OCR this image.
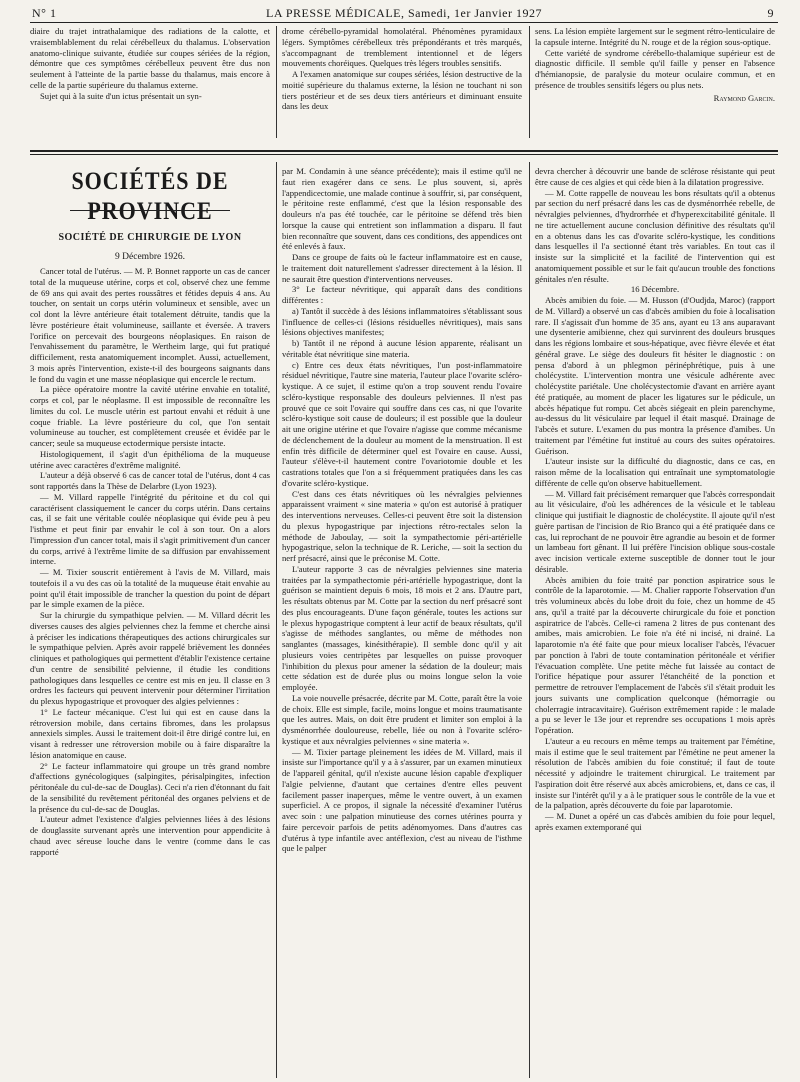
N° 1	LA PRESSE MÉDICALE, Samedi, 1er Janvier 1927	9

diaire du trajet intrathalamique des radiations de la calotte, et vraisemblablement du relai cérébelleux du thalamus. L'observation anatomo-clinique suivante, étudiée sur coupes sériées de la région, démontre que ces symptômes cérébelleux peuvent être dus non seulement à l'atteinte de la partie basse du thalamus, mais encore à celle de la partie supérieure du thalamus externe.

Sujet qui à la suite d'un ictus présentait un syn-

drome cérébello-pyramidal homolatéral. Phénomènes pyramidaux légers. Symptômes cérébelleux très prépondérants et très marqués, s'accompagnant de tremblement intentionnel et de légers mouvements choréiques. Quelques très légers troubles sensitifs.

A l'examen anatomique sur coupes sériées, lésion destructive de la moitié supérieure du thalamus externe, la lésion ne touchant ni son tiers postérieur et de ses deux tiers antérieurs et diminuant ensuite dans les deux

sens. La lésion empiète largement sur le segment rétro-lenticulaire de la capsule interne. Intégrité du N. rouge et de la région sous-optique.

Cette variété de syndrome cérébello-thalamique supérieur est de diagnostic difficile. Il semble qu'il faille y penser en l'absence d'hémianopsie, de paralysie du moteur oculaire commun, et en présence de troubles sensitifs légers ou plus nets.

Raymond Garcin.
SOCIÉTÉS DE PROVINCE
SOCIÉTÉ DE CHIRURGIE DE LYON
9 Décembre 1926.

Cancer total de l'utérus. — M. P. Bonnet rapporte un cas de cancer total de la muqueuse utérine, corps et col, observé chez une femme de 69 ans qui avait des pertes roussâtres et fétides depuis 4 ans. Au toucher, on sentait un corps utérin volumineux et sensible, avec un col dont la lèvre antérieure était totalement détruite, tandis que la lèvre postérieure était volumineuse, saillante et éversée. A travers l'orifice on percevait des bourgeons néoplasiques. En raison de l'envahissement du paramètre, le Wertheim large, qui fut pratiqué difficilement, resta anatomiquement incomplet. Aussi, actuellement, 3 mois après l'intervention, existe-t-il des bourgeons saignants dans le fond du vagin et une masse néoplasique qui encercle le rectum.

La pièce opératoire montre la cavité utérine envahie en totalité, corps et col, par le néoplasme. Il est impossible de reconnaître les limites du col. Le muscle utérin est partout envahi et réduit à une coque friable. La lèvre postérieure du col, que l'on sentait volumineuse au toucher, est complètement creusée et évidée par le cancer; seule sa muqueuse ectodermique persiste intacte.

Histologiquement, il s'agit d'un épithélioma de la muqueuse utérine avec caractères d'extrême malignité.

L'auteur a déjà observé 6 cas de cancer total de l'utérus, dont 4 cas sont rapportés dans la Thèse de Delarbre (Lyon 1923).

— M. Villard rappelle l'intégrité du péritoine et du col qui caractérisent classiquement le cancer du corps utérin. Dans certains cas, il se fait une véritable coulée néoplasique qui évide peu à peu l'isthme et peut finir par envahir le col à son tour. On a alors l'impression d'un cancer total, mais il s'agit primitivement d'un cancer du corps, arrivé à l'extrême limite de sa diffusion par envahissement interne.

— M. Tixier souscrit entièrement à l'avis de M. Villard, mais toutefois il a vu des cas où la totalité de la muqueuse était envahie au point qu'il était impossible de trancher la question du point de départ par le simple examen de la pièce.

Sur la chirurgie du sympathique pelvien. — M. Villard décrit les diverses causes des algies pelviennes chez la femme et cherche ainsi à préciser les indications thérapeutiques des actions chirurgicales sur le sympathique pelvien. Après avoir rappelé brièvement les données cliniques et pathologiques qui permettent d'établir l'existence certaine d'un centre de sensibilité pelvienne, il étudie les conditions pathologiques dans lesquelles ce centre est mis en jeu. Il classe en 3 ordres les facteurs qui peuvent intervenir pour déterminer l'irritation du plexus hypogastrique et provoquer des algies pelviennes :

1° Le facteur mécanique. C'est lui qui est en cause dans la rétroversion mobile, dans certains fibromes, dans les prolapsus annexiels simples. Aussi le traitement doit-il être dirigé contre lui, en visant à redresser une rétroversion mobile ou à faire disparaître la lésion anatomique en cause.

2° Le facteur inflammatoire qui groupe un très grand nombre d'affections gynécologiques (salpingites, périsalpingites, infection péritonéale du cul-de-sac de Douglas). Ceci n'a rien d'étonnant du fait de la sensibilité du revêtement péritonéal des organes pelviens et de la présence du cul-de-sac de Douglas.

L'auteur admet l'existence d'algies pelviennes liées à des lésions de douglassite survenant après une intervention pour appendicite à chaud avec séreuse louche dans le ventre (comme dans le cas rapporté

par M. Condamin à une séance précédente); mais il estime qu'il ne faut rien exagérer dans ce sens. Le plus souvent, si, après l'appendicectomie, une malade continue à souffrir, si, par conséquent, le péritoine reste enflammé, c'est que la lésion responsable des douleurs n'a pas été touchée, car le péritoine se défend très bien lorsque la cause qui entretient son inflammation a disparu. Il faut bien reconnaître que souvent, dans ces conditions, des appendices ont été enlevés à faux.

Dans ce groupe de faits où le facteur inflammatoire est en cause, le traitement doit naturellement s'adresser directement à la lésion. Il ne saurait être question d'interventions nerveuses.

3° Le facteur névritique, qui apparaît dans des conditions différentes :

a) Tantôt il succède à des lésions inflammatoires s'établissant sous l'influence de celles-ci (lésions résiduelles névritiques), mais sans lésions objectives manifestes;

b) Tantôt il ne répond à aucune lésion apparente, réalisant un véritable état névritique sine materia.

c) Entre ces deux états névritiques, l'un post-inflammatoire résiduel névritique, l'autre sine materia, l'auteur place l'ovarite scléro-kystique. A ce sujet, il estime qu'on a trop souvent rendu l'ovaire scléro-kystique responsable des douleurs pelviennes. Il n'est pas prouvé que ce soit l'ovaire qui souffre dans ces cas, ni que l'ovarite scléro-kystique soit cause de douleurs; il est possible que la douleur ait une origine utérine et que l'ovaire n'agisse que comme mécanisme de déclenchement de la douleur au moment de la menstruation. Il est enfin très difficile de déterminer quel est l'ovaire en cause. Aussi, l'auteur s'élève-t-il hautement contre l'ovariotomie double et les castrations totales que l'on a si fréquemment pratiquées dans les cas d'ovarite scléro-kystique.

C'est dans ces états névritiques où les névralgies pelviennes apparaissent vraiment « sine materia » qu'on est autorisé à pratiquer des interventions nerveuses. Celles-ci peuvent être soit la distension du plexus hypogastrique par injections rétro-rectales selon la méthode de Jaboulay, — soit la sympathectomie péri-artérielle hypogastrique, selon la technique de R. Leriche, — soit la section du nerf présacré, ainsi que le préconise M. Cotte.

L'auteur rapporte 3 cas de névralgies pelviennes sine materia traitées par la sympathectomie péri-artérielle hypogastrique, dont la guérison se maintient depuis 6 mois, 18 mois et 2 ans. D'autre part, les résultats obtenus par M. Cotte par la section du nerf présacré sont des plus encourageants. D'une façon générale, toutes les actions sur le plexus hypogastrique comptent à leur actif de beaux résultats, qu'il s'agisse de méthodes sanglantes, ou même de méthodes non sanglantes (massages, kinésithérapie). Il semble donc qu'il y ait plusieurs voies centripètes par lesquelles on puisse provoquer l'inhibition du plexus pour amener la sédation de la douleur; mais cette sédation est de durée plus ou moins longue selon la voie employée.

La voie nouvelle présacrée, décrite par M. Cotte, paraît être la voie de choix. Elle est simple, facile, moins longue et moins traumatisante que les autres. Mais, on doit être prudent et limiter son emploi à la dysménorrhée douloureuse, rebelle, liée ou non à l'ovarite scléro-kystique et aux névralgies pelviennes « sine materia ».

— M. Tixier partage pleinement les idées de M. Villard, mais il insiste sur l'importance qu'il y a à s'assurer, par un examen minutieux de l'appareil génital, qu'il n'existe aucune lésion capable d'expliquer l'algie pelvienne, d'autant que certaines d'entre elles peuvent facilement passer inaperçues, même le ventre ouvert, à un examen superficiel. A ce propos, il signale la nécessité d'examiner l'utérus avec soin : une palpation minutieuse des cornes utérines pourra y faire percevoir parfois de petits adénomyomes. Dans d'autres cas d'utérus à type infantile avec antéflexion, c'est au niveau de l'isthme que le palper

devra chercher à découvrir une bande de sclérose résistante qui peut être cause de ces algies et qui cède bien à la dilatation progressive.

— M. Cotte rappelle de nouveau les bons résultats qu'il a obtenus par section du nerf présacré dans les cas de dysménorrhée rebelle, de névralgies pelviennes, d'hydrorrhée et d'hyperexcitabilité génitale. Il ne tire actuellement aucune conclusion définitive des résultats qu'il en a obtenus dans les cas d'ovarite scléro-kystique, les conditions dans lesquelles il l'a sectionné étant très variables. En tout cas il insiste sur la simplicité et la facilité de l'intervention qui est anatomiquement possible et sur le fait qu'aucun trouble des fonctions génitales n'en résulte.

16 Décembre.

Abcès amibien du foie. — M. Husson (d'Oudjda, Maroc) (rapport de M. Villard) a observé un cas d'abcès amibien du foie à localisation rare. Il s'agissait d'un homme de 35 ans, ayant eu 13 ans auparavant une dysenterie amibienne, chez qui survinrent des douleurs brusques dans les régions lombaire et sous-hépatique, avec fièvre élevée et état général grave. Le siège des douleurs fit hésiter le diagnostic : on pensa d'abord à un phlegmon périnéphrétique, puis à une cholécystite. L'intervention montra une vésicule adhérente avec cholécystite pariétale. Une cholécystectomie d'avant en arrière ayant été pratiquée, au moment de placer les ligatures sur le pédicule, un abcès hépatique fut rompu. Cet abcès siégeait en plein parenchyme, au-dessus du lit vésiculaire par lequel il était masqué. Drainage de l'abcès et suture. L'examen du pus montra la présence d'amibes. Un traitement par l'émétine fut institué au cours des suites opératoires. Guérison.

L'auteur insiste sur la difficulté du diagnostic, dans ce cas, en raison même de la localisation qui entraînait une symptomatologie différente de celle qu'on observe habituellement.

— M. Villard fait précisément remarquer que l'abcès correspondait au lit vésiculaire, d'où les adhérences de la vésicule et le tableau clinique qui justifiait le diagnostic de cholécystite. Il ajoute qu'il n'est guère partisan de l'incision de Rio Branco qui a été pratiquée dans ce cas, lui reprochant de ne pouvoir être agrandie au besoin et de former un lambeau fort gênant. Il lui préfère l'incision oblique sous-costale avec incision verticale externe susceptible de donner tout le jour désirable.

Abcès amibien du foie traité par ponction aspiratrice sous le contrôle de la laparotomie. — M. Chalier rapporte l'observation d'un très volumineux abcès du lobe droit du foie, chez un homme de 45 ans, qu'il a traité par la découverte chirurgicale du foie et ponction aspiratrice de l'abcès. Celle-ci ramena 2 litres de pus contenant des amibes, mais amicrobien. Le foie n'a été ni incisé, ni drainé. La laparotomie n'a été faite que pour mieux localiser l'abcès, l'évacuer par ponction à l'abri de toute contamination péritonéale et vérifier l'évacuation complète. Une petite mèche fut laissée au contact de l'orifice hépatique pour assurer l'étanchéité de la ponction et permettre de retrouver l'emplacement de l'abcès s'il s'était produit les jours suivants une complication quelconque (hémorragie ou cholerragie intracavitaire). Guérison extrêmement rapide : le malade a pu se lever le 13e jour et reprendre ses occupations 1 mois après l'opération.

L'auteur a eu recours en même temps au traitement par l'émétine, mais il estime que le seul traitement par l'émétine ne peut amener la résolution de l'abcès amibien du foie constitué; il faut de toute nécessité y adjoindre le traitement chirurgical. Le traitement par l'aspiration doit être réservé aux abcès amicrobiens, et, dans ce cas, il insiste sur l'intérêt qu'il y a à le pratiquer sous le contrôle de la vue et de la palpation, après découverte du foie par laparotomie.

— M. Dunet a opéré un cas d'abcès amibien du foie pour lequel, après examen extemporané qui
